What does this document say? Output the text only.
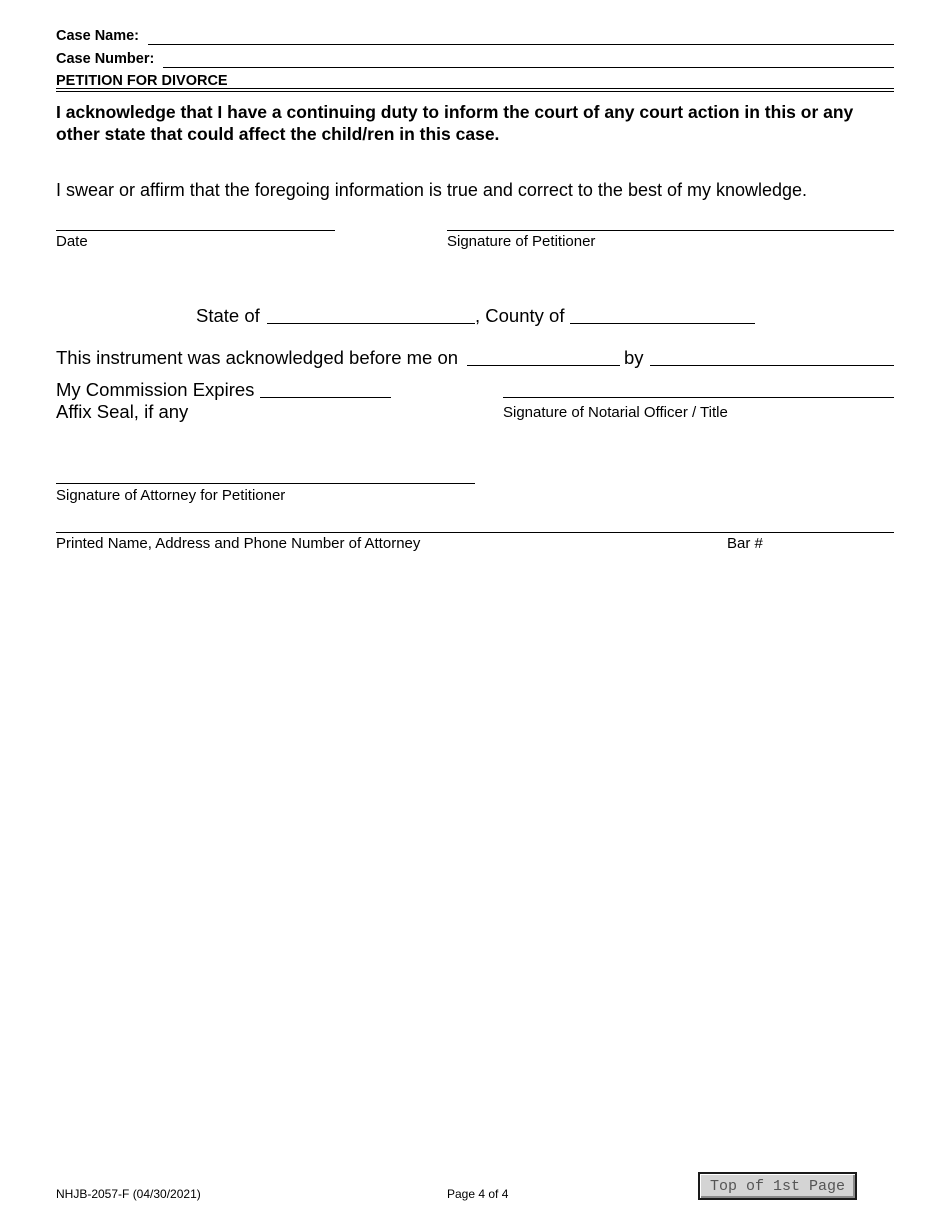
Case Name:
Case Number:
PETITION FOR DIVORCE
I acknowledge that I have a continuing duty to inform the court of any court action in this or any other state that could affect the child/ren in this case.
I swear or affirm that the foregoing information is true and correct to the best of my knowledge.
Date	Signature of Petitioner
State of	, County of
This instrument was acknowledged before me on	by
My Commission Expires
Affix Seal, if any	Signature of Notarial Officer / Title
Signature of Attorney for Petitioner
Printed Name, Address and Phone Number of Attorney	Bar #
NHJB-2057-F (04/30/2021)	Page 4 of 4	Top of 1st Page
